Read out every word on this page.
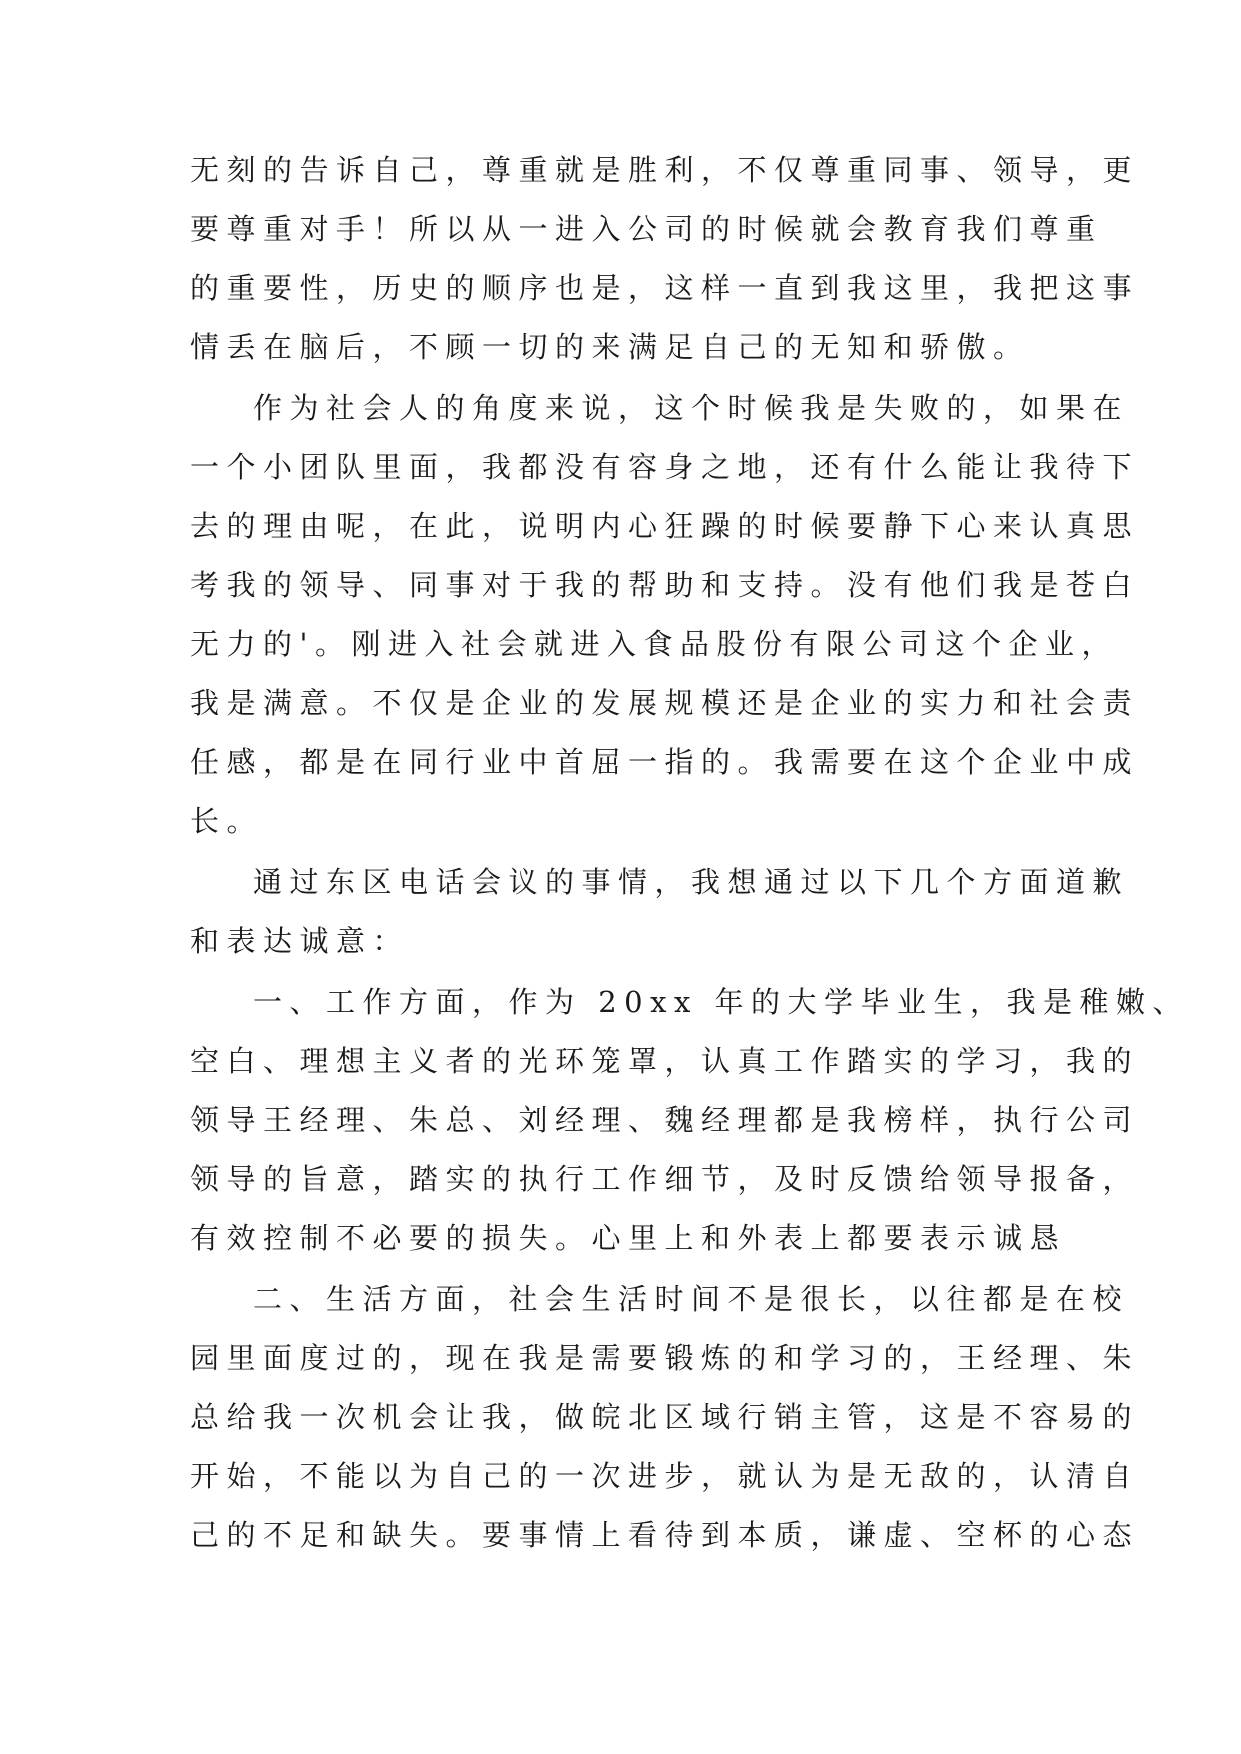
无刻的告诉自己，尊重就是胜利，不仅尊重同事、领导，更

要尊重对手！所以从一进入公司的时候就会教育我们尊重

的重要性，历史的顺序也是，这样一直到我这里，我把这事

情丢在脑后，不顾一切的来满足自己的无知和骄傲。

作为社会人的角度来说，这个时候我是失败的，如果在

一个小团队里面，我都没有容身之地，还有什么能让我待下

去的理由呢，在此，说明内心狂躁的时候要静下心来认真思

考我的领导、同事对于我的帮助和支持。没有他们我是苍白

无力的'。刚进入社会就进入食品股份有限公司这个企业，

我是满意。不仅是企业的发展规模还是企业的实力和社会责

任感，都是在同行业中首屈一指的。我需要在这个企业中成

长。

通过东区电话会议的事情，我想通过以下几个方面道歉

和表达诚意：

一、工作方面，作为 20xx 年的大学毕业生，我是稚嫩、

空白、理想主义者的光环笼罩，认真工作踏实的学习，我的

领导王经理、朱总、刘经理、魏经理都是我榜样，执行公司

领导的旨意，踏实的执行工作细节，及时反馈给领导报备，

有效控制不必要的损失。心里上和外表上都要表示诚恳

二、生活方面，社会生活时间不是很长，以往都是在校

园里面度过的，现在我是需要锻炼的和学习的，王经理、朱

总给我一次机会让我，做皖北区域行销主管，这是不容易的

开始，不能以为自己的一次进步，就认为是无敌的，认清自

己的不足和缺失。要事情上看待到本质，谦虚、空杯的心态
